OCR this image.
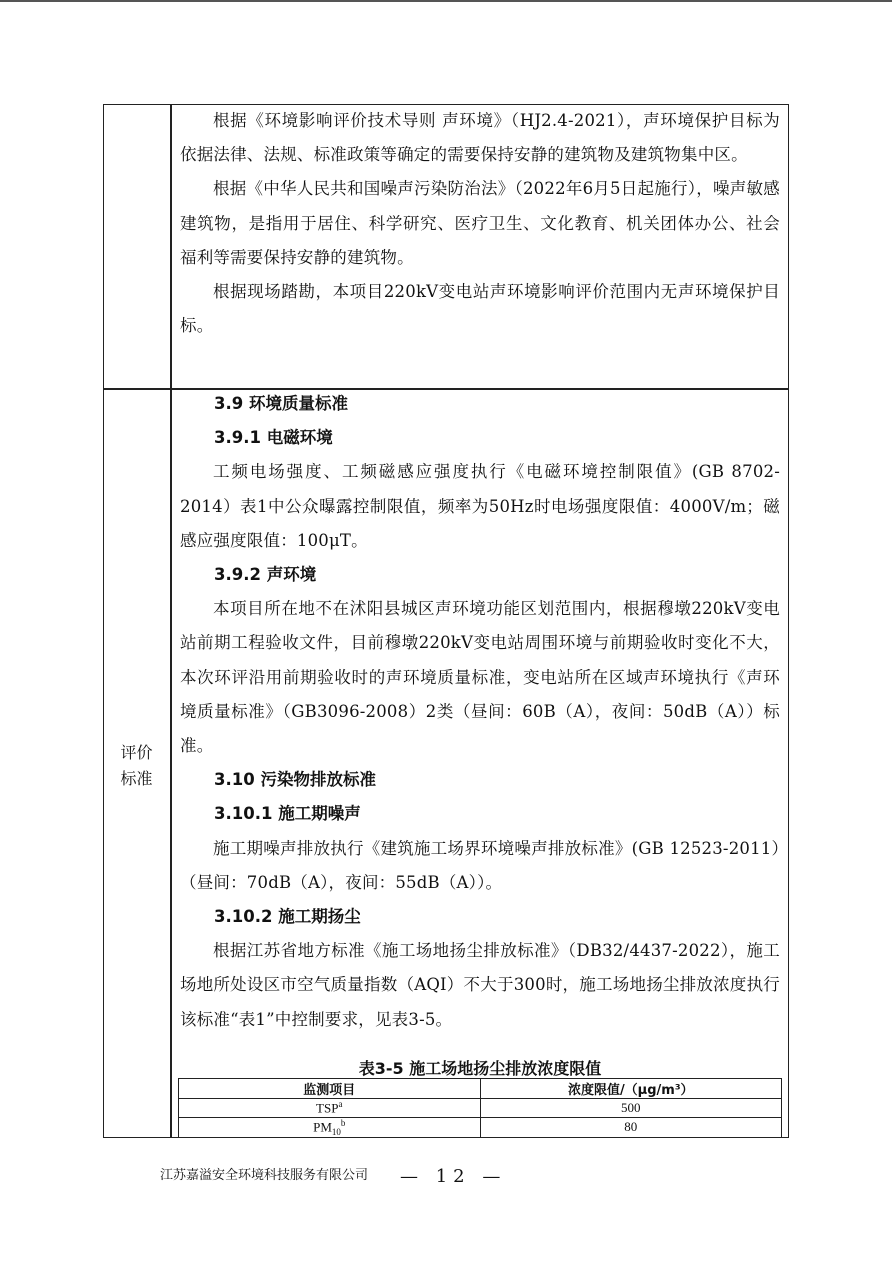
评价
标准

根据《环境影响评价技术导则 声环境》（HJ2.4-2021），声环境保护目标为依据法律、法规、标准政策等确定的需要保持安静的建筑物及建筑物集中区。

根据《中华人民共和国噪声污染防治法》（2022年6月5日起施行），噪声敏感建筑物，是指用于居住、科学研究、医疗卫生、文化教育、机关团体办公、社会福利等需要保持安静的建筑物。

根据现场踏勘，本项目220kV变电站声环境影响评价范围内无声环境保护目标。

3.9 环境质量标准

3.9.1 电磁环境

工频电场强度、工频磁感应强度执行《电磁环境控制限值》(GB 8702-2014）表1中公众曝露控制限值，频率为50Hz时电场强度限值：4000V/m；磁感应强度限值：100μT。

3.9.2 声环境

本项目所在地不在沭阳县城区声环境功能区划范围内，根据穆墩220kV变电站前期工程验收文件，目前穆墩220kV变电站周围环境与前期验收时变化不大，本次环评沿用前期验收时的声环境质量标准，变电站所在区域声环境执行《声环境质量标准》（GB3096-2008）2类（昼间：60B（A），夜间：50dB（A））标准。

3.10 污染物排放标准

3.10.1 施工期噪声

施工期噪声排放执行《建筑施工场界环境噪声排放标准》(GB 12523-2011）（昼间：70dB（A），夜间：55dB（A））。

3.10.2 施工期扬尘

根据江苏省地方标准《施工场地扬尘排放标准》（DB32/4437-2022），施工场地所处设区市空气质量指数（AQI）不大于300时，施工场地扬尘排放浓度执行该标准“表1”中控制要求，见表3-5。

表3-5 施工场地扬尘排放浓度限值
监测项目	浓度限值/（μg/m³）
TSP$^a$	500
$PM_{10}^b$	80
江苏嘉溢安全环境科技服务有限公司 — 12 —
